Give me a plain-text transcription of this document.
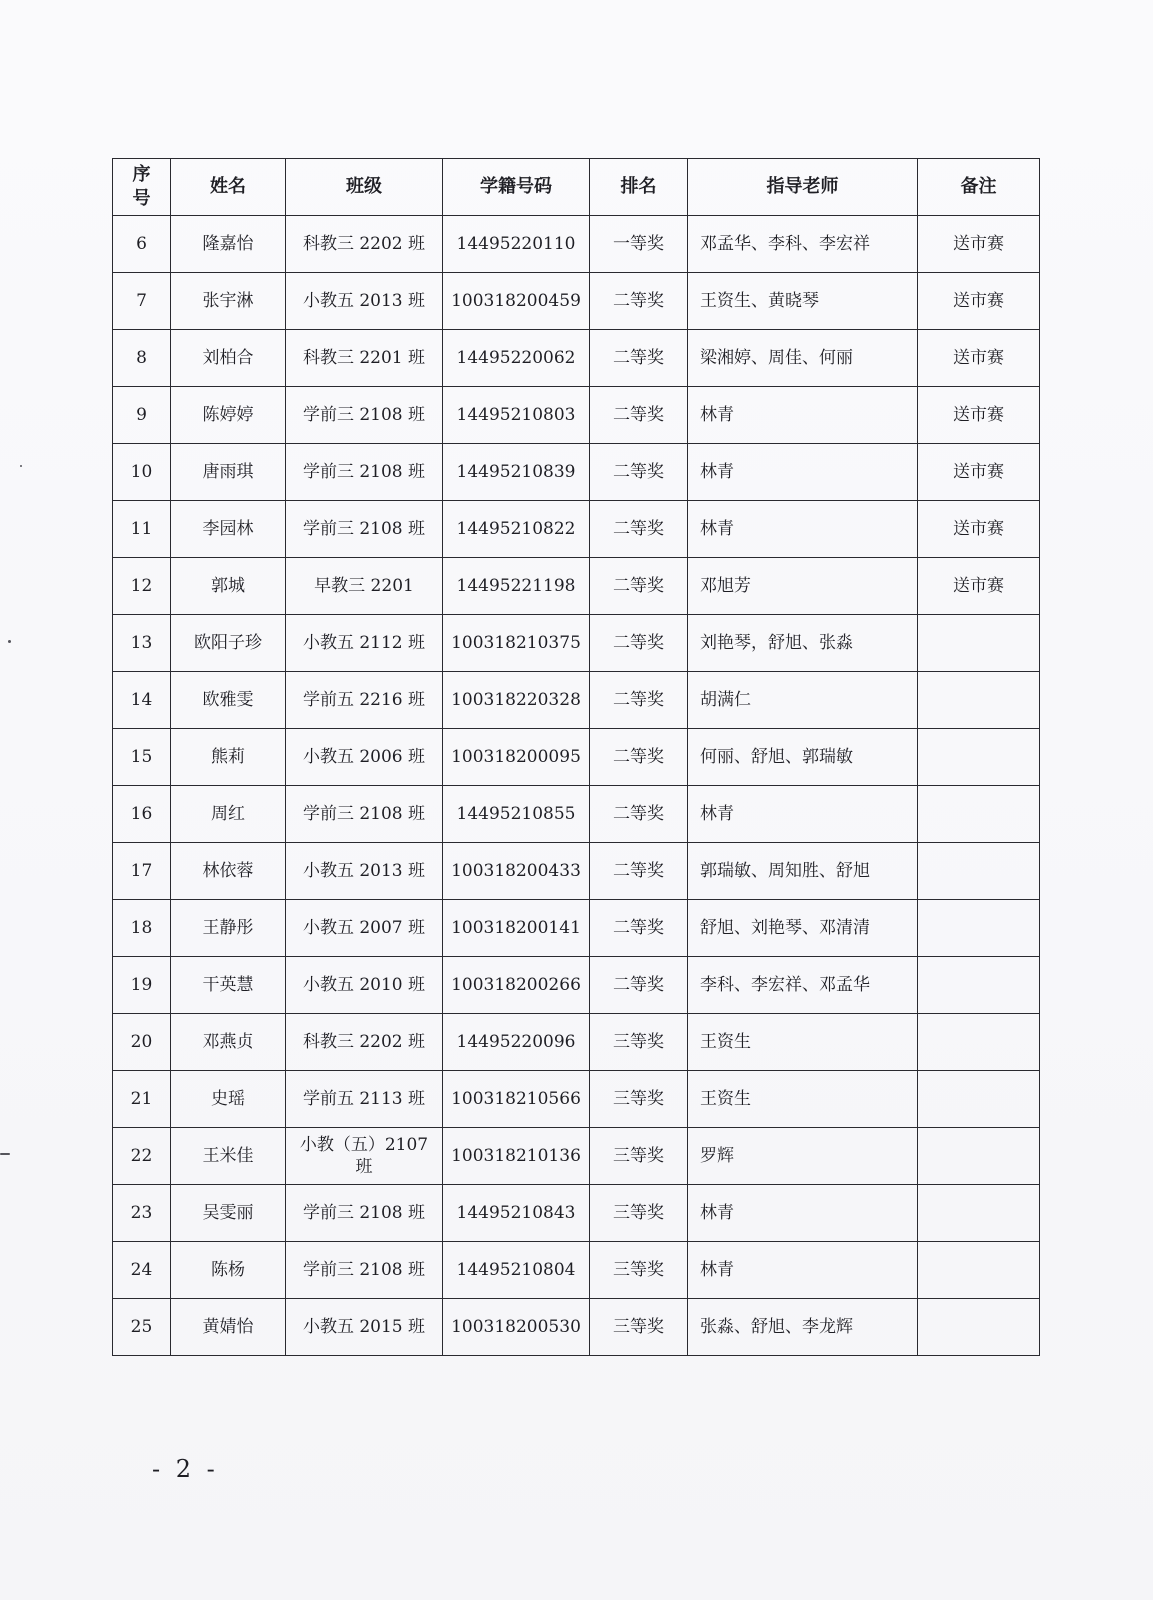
序
号	姓名	班级	学籍号码	排名	指导老师	备注
6	隆嘉怡	科教三 2202 班	14495220110	一等奖	邓孟华、李科、李宏祥	送市赛
7	张宇淋	小教五 2013 班	100318200459	二等奖	王资生、黄晓琴	送市赛
8	刘柏合	科教三 2201 班	14495220062	二等奖	梁湘婷、周佳、何丽	送市赛
9	陈婷婷	学前三 2108 班	14495210803	二等奖	林青	送市赛
10	唐雨琪	学前三 2108 班	14495210839	二等奖	林青	送市赛
11	李园林	学前三 2108 班	14495210822	二等奖	林青	送市赛
12	郭城	早教三 2201	14495221198	二等奖	邓旭芳	送市赛
13	欧阳子珍	小教五 2112 班	100318210375	二等奖	刘艳琴，舒旭、张淼	
14	欧雅雯	学前五 2216 班	100318220328	二等奖	胡满仁	
15	熊莉	小教五 2006 班	100318200095	二等奖	何丽、舒旭、郭瑞敏	
16	周红	学前三 2108 班	14495210855	二等奖	林青	
17	林依蓉	小教五 2013 班	100318200433	二等奖	郭瑞敏、周知胜、舒旭	
18	王静彤	小教五 2007 班	100318200141	二等奖	舒旭、刘艳琴、邓清清	
19	干英慧	小教五 2010 班	100318200266	二等奖	李科、李宏祥、邓孟华	
20	邓燕贞	科教三 2202 班	14495220096	三等奖	王资生	
21	史瑶	学前五 2113 班	100318210566	三等奖	王资生	
22	王米佳	小教（五）2107 班	100318210136	三等奖	罗辉	
23	吴雯丽	学前三 2108 班	14495210843	三等奖	林青	
24	陈杨	学前三 2108 班	14495210804	三等奖	林青	
25	黄婧怡	小教五 2015 班	100318200530	三等奖	张淼、舒旭、李龙辉	
- 2 -
